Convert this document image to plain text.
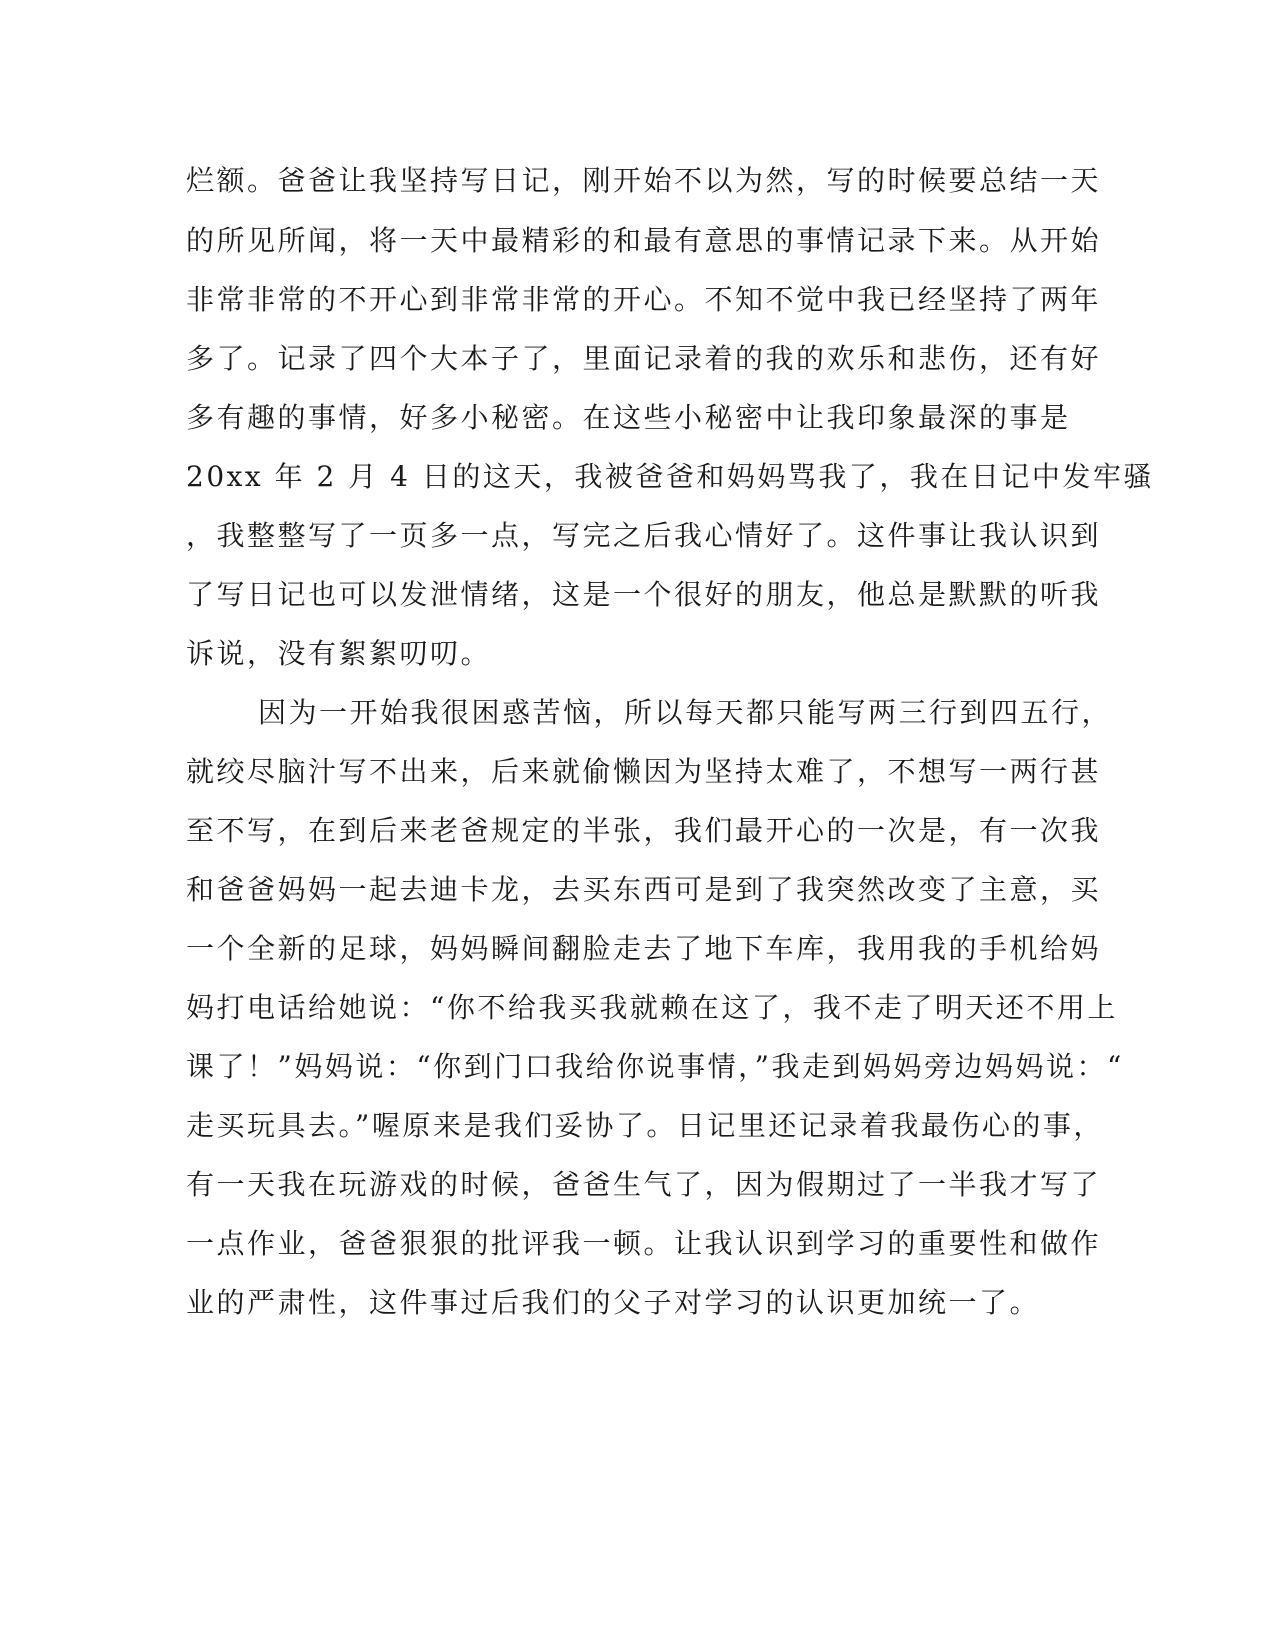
烂额。爸爸让我坚持写日记，刚开始不以为然，写的时候要总结一天
的所见所闻，将一天中最精彩的和最有意思的事情记录下来。从开始
非常非常的不开心到非常非常的开心。不知不觉中我已经坚持了两年
多了。记录了四个大本子了，里面记录着的我的欢乐和悲伤，还有好
多有趣的事情，好多小秘密。在这些小秘密中让我印象最深的事是
20xx 年 2 月 4 日的这天，我被爸爸和妈妈骂我了，我在日记中发牢骚
，我整整写了一页多一点，写完之后我心情好了。这件事让我认识到
了写日记也可以发泄情绪，这是一个很好的朋友，他总是默默的听我
诉说，没有絮絮叨叨。
因为一开始我很困惑苦恼，所以每天都只能写两三行到四五行，
就绞尽脑汁写不出来，后来就偷懒因为坚持太难了，不想写一两行甚
至不写，在到后来老爸规定的半张，我们最开心的一次是，有一次我
和爸爸妈妈一起去迪卡龙，去买东西可是到了我突然改变了主意，买
一个全新的足球，妈妈瞬间翻脸走去了地下车库，我用我的手机给妈
妈打电话给她说：“你不给我买我就赖在这了，我不走了明天还不用上
课了！”妈妈说：“你到门口我给你说事情，”我走到妈妈旁边妈妈说：“
走买玩具去。”喔原来是我们妥协了。日记里还记录着我最伤心的事，
有一天我在玩游戏的时候，爸爸生气了，因为假期过了一半我才写了
一点作业，爸爸狠狠的批评我一顿。让我认识到学习的重要性和做作
业的严肃性，这件事过后我们的父子对学习的认识更加统一了。
